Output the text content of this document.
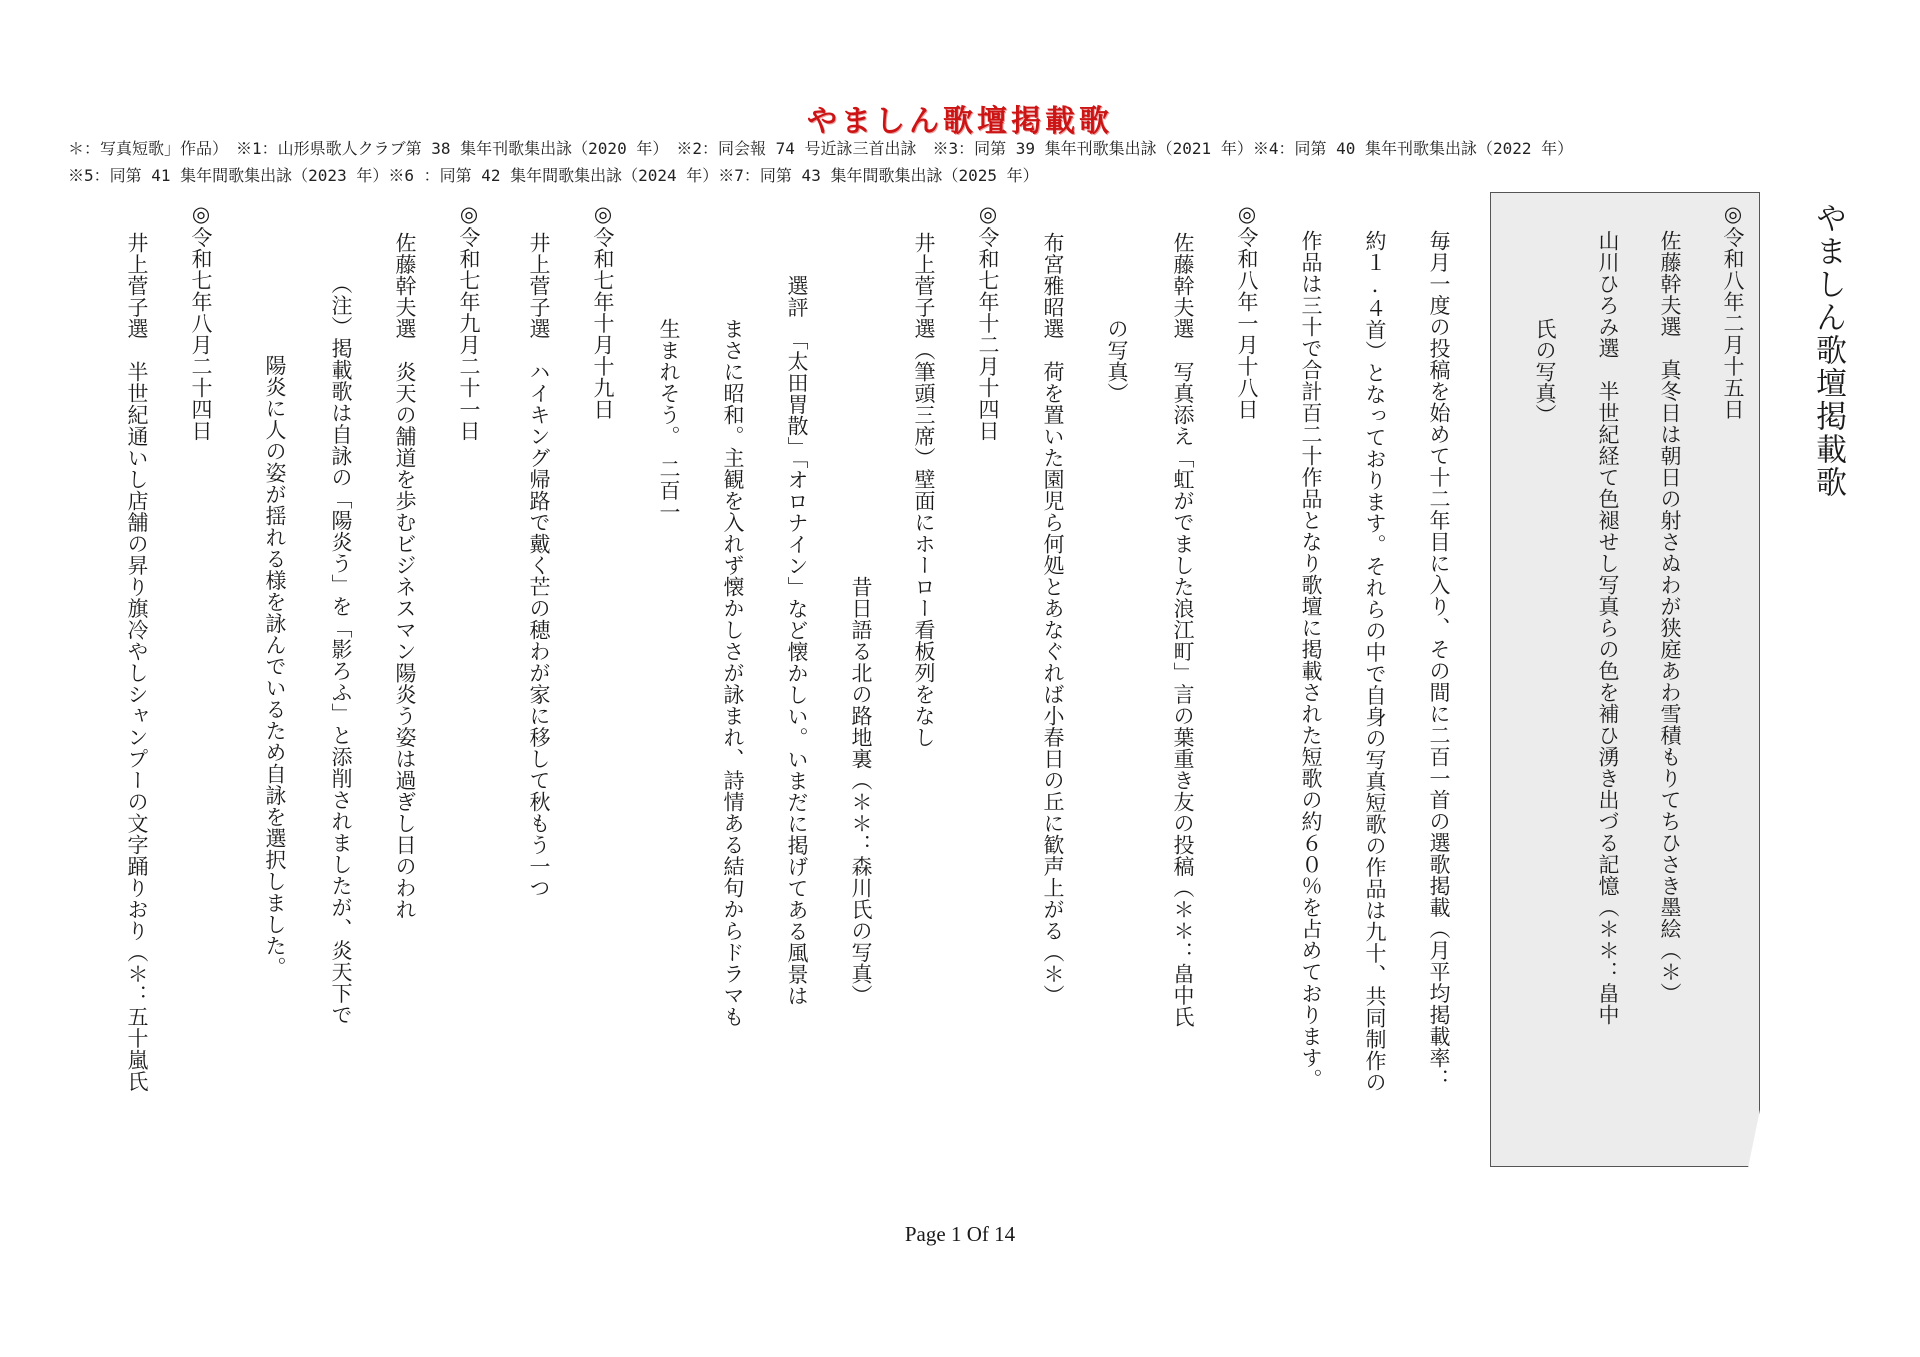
やましん歌壇掲載歌
＊：写真短歌」作品）　※1：山形県歌人クラブ第 38 集年刊歌集出詠（2020 年）　※2：同会報 74 号近詠三首出詠　※3：同第 39 集年刊歌集出詠（2021 年）※4：同第 40 集年刊歌集出詠（2022 年）
※5：同第 41 集年間歌集出詠（2023 年）※6 ：同第 42 集年間歌集出詠（2024 年）※7：同第 43 集年間歌集出詠（2025 年）
やましん歌壇掲載歌
◎令和八年二月十五日
佐藤幹夫選　真冬日は朝日の射さぬわが狭庭あわ雪積もりてちひさき墨絵（＊）
山川ひろみ選　半世紀経て色褪せし写真らの色を補ひ湧き出づる記憶（＊＊：畠中
　　　　氏の写真）
毎月一度の投稿を始めて十二年目に入り、その間に二百一首の選歌掲載（月平均掲載率：
約１.４首）となっております。それらの中で自身の写真短歌の作品は九十、共同制作の
作品は三十で合計百二十作品となり歌壇に掲載された短歌の約６０％を占めております。
◎令和八年一月十八日
佐藤幹夫選　写真添え「虹がでました浪江町」言の葉重き友の投稿（＊＊：畠中氏
　　　　の写真）
布宮雅昭選　荷を置いた園児ら何処とあなぐれば小春日の丘に歓声上がる（＊）
◎令和七年十二月十四日
井上菅子選（筆頭三席）壁面にホーロー看板列をなし
　　　　　　　　　　　　　　　　昔日語る北の路地裏（＊＊：森川氏の写真）
　　選評　「太田胃散」「オロナイン」など懐かしい。いまだに掲げてある風景は
　　　　まさに昭和。主観を入れず懐かしさが詠まれ、詩情ある結句からドラマも
　　　　生まれそう。　二百一
◎令和七年十月十九日
井上菅子選　ハイキング帰路で戴く芒の穂わが家に移して秋もう一つ
◎令和七年九月二十一日
佐藤幹夫選　炎天の舗道を歩むビジネスマン陽炎う姿は過ぎし日のわれ
　（注）掲載歌は自詠の「陽炎う」を「影ろふ」と添削されましたが、炎天下で
　　　陽炎に人の姿が揺れる様を詠んでいるため自詠を選択しました。
◎令和七年八月二十四日
井上菅子選　半世紀通いし店舗の昇り旗冷やしシャンプーの文字踊りおり（＊：五十嵐氏
Page 1 Of 14
